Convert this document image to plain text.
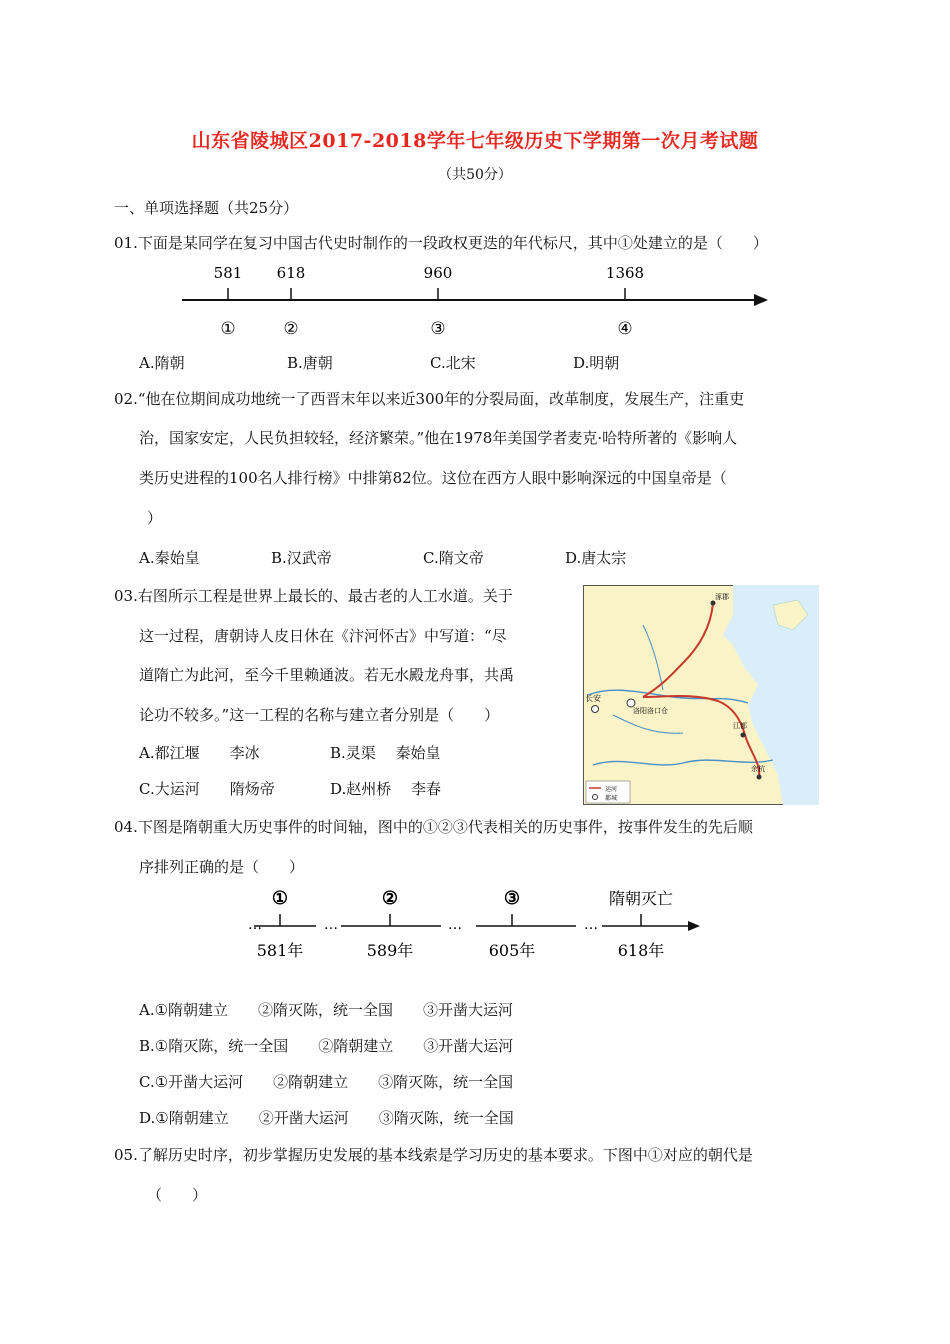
山东省陵城区2017-2018学年七年级历史下学期第一次月考试题
（共50分）
一、单项选择题（共25分）
01.下面是某同学在复习中国古代史时制作的一段政权更迭的年代标尺，其中①处建立的是（　　）
581 618	960	1368
①	②	③	④
A.隋朝	B.唐朝	C.北宋	D.明朝
02.“他在位期间成功地统一了西晋末年以来近300年的分裂局面，改革制度，发展生产，注重吏
治，国家安定，人民负担较轻，经济繁荣。”他在1978年美国学者麦克·哈特所著的《影响人
类历史进程的100名人排行榜》中排第82位。这位在西方人眼中影响深远的中国皇帝是（
）
A.秦始皇	B.汉武帝	C.隋文帝	D.唐太宗
03.右图所示工程是世界上最长的、最古老的人工水道。关于
这一过程，唐朝诗人皮日休在《汴河怀古》中写道：“尽
道隋亡为此河，至今千里赖通波。若无水殿龙舟事，共禹
论功不较多。”这一工程的名称与建立者分别是（　　）
A.都江堰　　李冰	B.灵渠　 秦始皇
C.大运河　　隋炀帝	D.赵州桥　 李春
涿郡
长安
洛阳洛口仓
江都
余杭
运河
都城
04.下图是隋朝重大历史事件的时间轴，图中的①②③代表相关的历史事件，按事件发生的先后顺
序排列正确的是（　　）
…	…	…	…
①	②	③	隋朝灭亡
581年	589年	605年	618年
A.①隋朝建立　　②隋灭陈，统一全国　　③开凿大运河
B.①隋灭陈，统一全国　　②隋朝建立　　③开凿大运河
C.①开凿大运河　　②隋朝建立　　③隋灭陈，统一全国
D.①隋朝建立　　②开凿大运河　　③隋灭陈，统一全国
05.了解历史时序，初步掌握历史发展的基本线索是学习历史的基本要求。下图中①对应的朝代是
（　　）
